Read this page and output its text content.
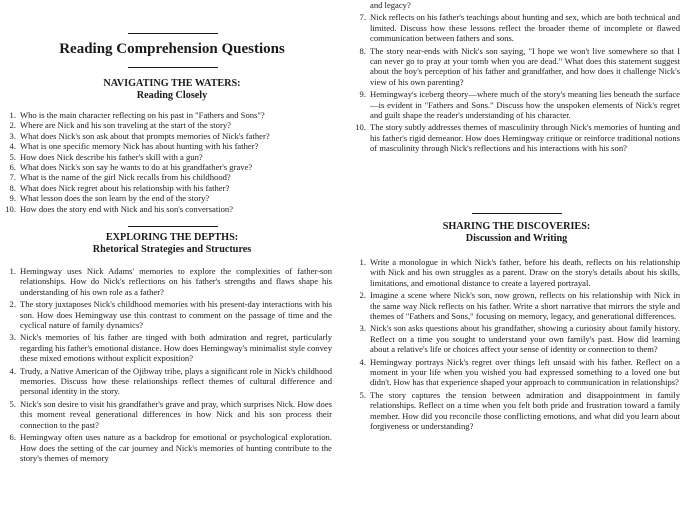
Reading Comprehension Questions
NAVIGATING THE WATERS:
Reading Closely
1. Who is the main character reflecting on his past in "Fathers and Sons"?
2. Where are Nick and his son traveling at the start of the story?
3. What does Nick's son ask about that prompts memories of Nick's father?
4. What is one specific memory Nick has about hunting with his father?
5. How does Nick describe his father's skill with a gun?
6. What does Nick's son say he wants to do at his grandfather's grave?
7. What is the name of the girl Nick recalls from his childhood?
8. What does Nick regret about his relationship with his father?
9. What lesson does the son learn by the end of the story?
10. How does the story end with Nick and his son's conversation?
EXPLORING THE DEPTHS:
Rhetorical Strategies and Structures
1. Hemingway uses Nick Adams' memories to explore the complexities of father-son relationships. How do Nick's reflections on his father's strengths and flaws shape his understanding of his own role as a father?
2. The story juxtaposes Nick's childhood memories with his present-day interactions with his son. How does Hemingway use this contrast to comment on the passage of time and the cyclical nature of family dynamics?
3. Nick's memories of his father are tinged with both admiration and regret, particularly regarding his father's emotional distance. How does Hemingway's minimalist style convey these mixed emotions without explicit exposition?
4. Trudy, a Native American of the Ojibway tribe, plays a significant role in Nick's childhood memories. Discuss how these relationships reflect themes of cultural difference and personal identity in the story.
5. Nick's son desire to visit his grandfather's grave and pray, which surprises Nick. How does this moment reveal generational differences in how Nick and his son process their connection to the past?
6. Hemingway often uses nature as a backdrop for emotional or psychological exploration. How does the setting of the car journey and Nick's memories of hunting contribute to the story's themes of memory
and legacy?
7. Nick reflects on his father's teachings about hunting and sex, which are both technical and limited. Discuss how these lessons reflect the broader theme of incomplete or flawed communication between fathers and sons.
8. The story near-ends with Nick's son saying, "I hope we won't live somewhere so that I can never go to pray at your tomb when you are dead." What does this statement suggest about the boy's perception of his father and grandfather, and how does it challenge Nick's view of his own parenting?
9. Hemingway's iceberg theory—where much of the story's meaning lies beneath the surface—is evident in "Fathers and Sons." Discuss how the unspoken elements of Nick's regret and guilt shape the reader's understanding of his character.
10. The story subtly addresses themes of masculinity through Nick's memories of hunting and his father's rigid demeanor. How does Hemingway critique or reinforce traditional notions of masculinity through Nick's reflections and his interactions with his son?
SHARING THE DISCOVERIES:
Discussion and Writing
1. Write a monologue in which Nick's father, before his death, reflects on his relationship with Nick and his own struggles as a parent. Draw on the story's details about his skills, limitations, and emotional distance to create a layered portrayal.
2. Imagine a scene where Nick's son, now grown, reflects on his relationship with Nick in the same way Nick reflects on his father. Write a short narrative that mirrors the style and themes of "Fathers and Sons," focusing on memory, legacy, and generational differences.
3. Nick's son asks questions about his grandfather, showing a curiosity about family history. Reflect on a time you sought to understand your own family's past. How did learning about a relative's life or choices affect your sense of identity or connection to them?
4. Hemingway portrays Nick's regret over things left unsaid with his father. Reflect on a moment in your life when you wished you had expressed something to a loved one but didn't. How has that experience shaped your approach to communication in relationships?
5. The story captures the tension between admiration and disappointment in family relationships. Reflect on a time when you felt both pride and frustration toward a family member. How did you reconcile those conflicting emotions, and what did you learn about forgiveness or understanding?
